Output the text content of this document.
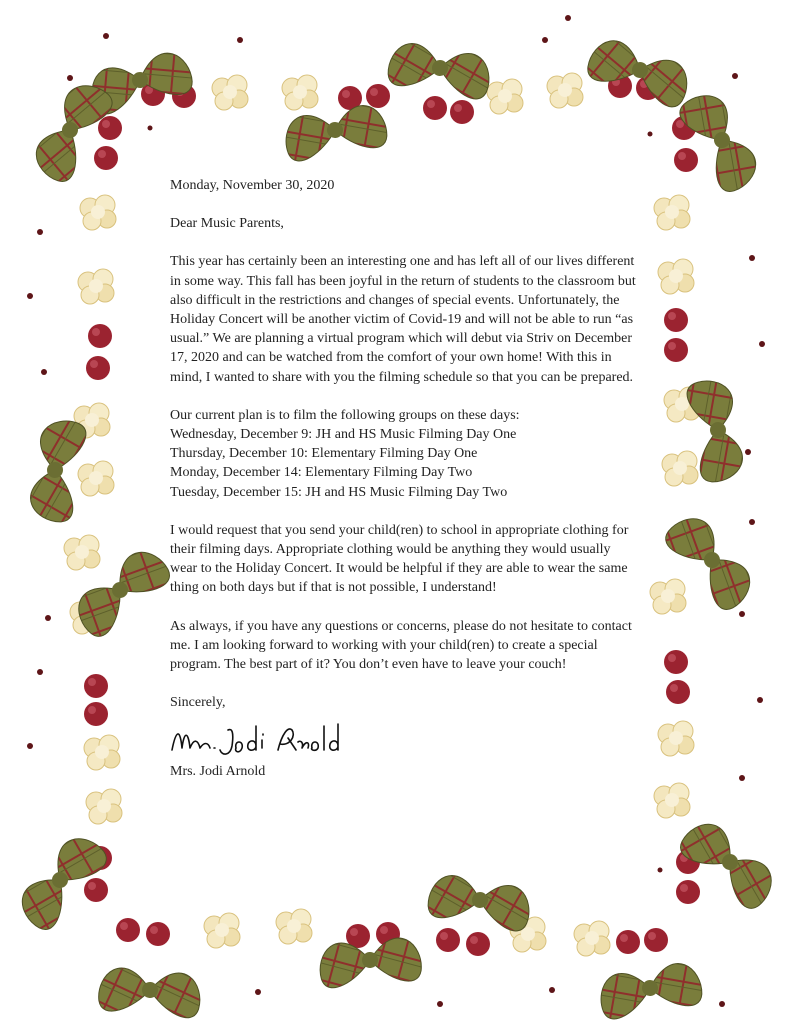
Monday, November 30, 2020

Dear Music Parents,

This year has certainly been an interesting one and has left all of our lives different in some way. This fall has been joyful in the return of students to the classroom but also difficult in the restrictions and changes of special events. Unfortunately, the Holiday Concert will be another victim of Covid-19 and will not be able to run “as usual.” We are planning a virtual program which will debut via Striv on December 17, 2020 and can be watched from the comfort of your own home! With this in mind, I wanted to share with you the filming schedule so that you can be prepared.

Our current plan is to film the following groups on these days:
Wednesday, December 9: JH and HS Music Filming Day One
Thursday, December 10: Elementary Filming Day One
Monday, December 14: Elementary Filming Day Two
Tuesday, December 15: JH and HS Music Filming Day Two

I would request that you send your child(ren) to school in appropriate clothing for their filming days. Appropriate clothing would be anything they would usually wear to the Holiday Concert. It would be helpful if they are able to wear the same thing on both days but if that is not possible, I understand!

As always, if you have any questions or concerns, please do not hesitate to contact me. I am looking forward to working with your child(ren) to create a special program. The best part of it? You don’t even have to leave your couch!

Sincerely,

Mrs. Jodi Arnold
